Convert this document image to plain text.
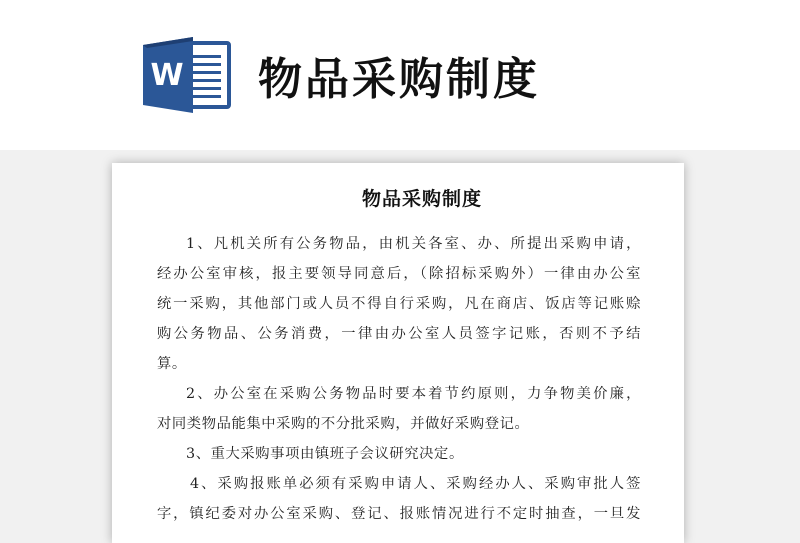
W 物品采购制度
物品采购制度
1、凡机关所有公务物品，由机关各室、办、所提出采购申请，
经办公室审核，报主要领导同意后，（除招标采购外）一律由办公室
统一采购，其他部门或人员不得自行采购，凡在商店、饭店等记账赊
购公务物品、公务消费，一律由办公室人员签字记账，否则不予结
算。
2、办公室在采购公务物品时要本着节约原则，力争物美价廉，
对同类物品能集中采购的不分批采购，并做好采购登记。
3、重大采购事项由镇班子会议研究决定。
4、采购报账单必须有采购申请人、采购经办人、采购审批人签
字，镇纪委对办公室采购、登记、报账情况进行不定时抽查，一旦发
